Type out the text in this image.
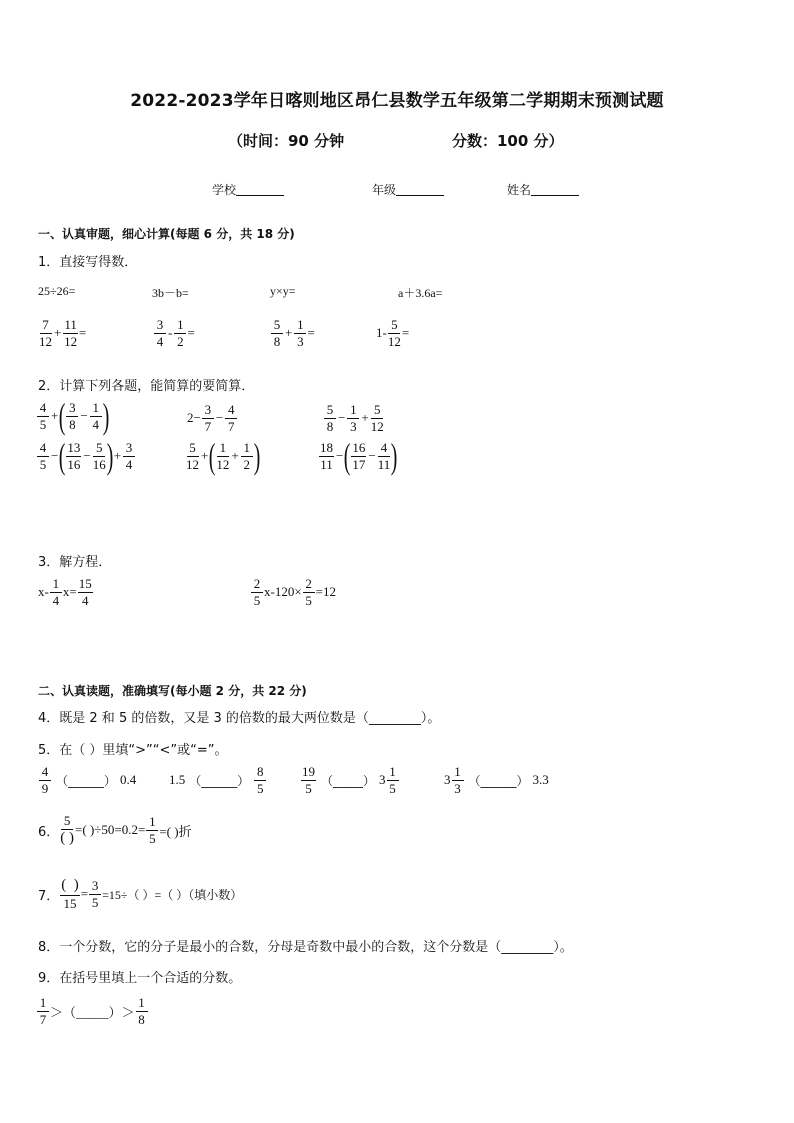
2022-2023学年日喀则地区昂仁县数学五年级第二学期期末预测试题
（时间：90 分钟	分数：100 分）
学校	年级	姓名
一、认真审题，细心计算(每题 6 分，共 18 分)
1．直接写得数．
25÷26=	3b－b=	y×y=	a＋3.6a=
$\frac{7}{12} + \frac{11}{12}$ =	$\frac{3}{4} - \frac{1}{2}$ =	$\frac{5}{8} + \frac{1}{3}$ =	$1- \frac{5}{12}$ =
2．计算下列各题，能简算的要简算．
$\frac{4}{5}$ + ( $\frac{3}{8} - \frac{1}{4}$ )	$2- \frac{3}{7} - \frac{4}{7}$	$\frac{5}{8} - \frac{1}{3} + \frac{5}{12}$
$\frac{4}{5}$ − ( $\frac{13}{16} - \frac{5}{16}$ ) + $\frac{3}{4}$	$\frac{5}{12}$ + ( $\frac{1}{12} + \frac{1}{2}$ )	$\frac{18}{11}$ − ( $\frac{16}{17} - \frac{4}{11}$ )
3．解方程．
$x- \frac{1}{4} x= \frac{15}{4}$	$\frac{2}{5} x-120\times \frac{2}{5} =12$
二、认真读题，准确填写(每小题 2 分，共 22 分)
4．既是 2 和 5 的倍数，又是 3 的倍数的最大两位数是（________）。
5．在（ ）里填“>”“<”或“=”。
$\frac{4}{9}$ （______） 0.4	1.5 （______） $\frac{8}{5}$	$\frac{19}{5}$ （_____） $3 \frac{1}{5}$	$3 \frac{1}{3}$ （______） 3.3
6． $\frac{5}{( )}$ =( )$\div 50=0.2= \frac{1}{5}$ =( )折
7． $\frac{( )}{15} = \frac{3}{5} =15\div$（ ）=（ ）（填小数）
8．一个分数，它的分子是最小的合数，分母是奇数中最小的合数，这个分数是（________）。
9．在括号里填上一个合适的分数。
$\frac{1}{7}$ ＞（_____）＞ $\frac{1}{8}$
